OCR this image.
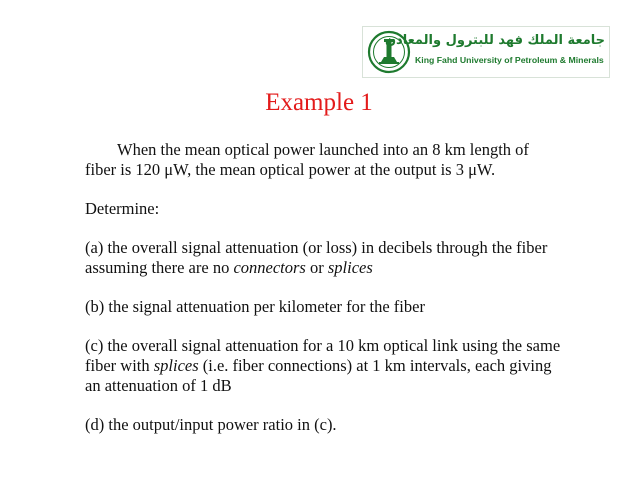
جامعة الملك فهد للبترول والمعادن
King Fahd University of Petroleum & Minerals
Example 1
When the mean optical power launched into an 8 km length of
fiber is 120 μW, the mean optical power at the output is 3 μW.
Determine:
(a) the overall signal attenuation (or loss) in decibels through the fiber
assuming there are no connectors or splices
(b) the signal attenuation per kilometer for the fiber
(c) the overall signal attenuation for a 10 km optical link using the same
fiber with splices (i.e. fiber connections) at 1 km intervals, each giving
an attenuation of 1 dB
(d) the output/input power ratio in (c).
